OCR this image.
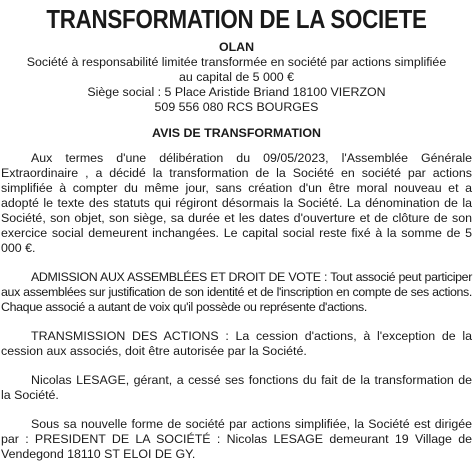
TRANSFORMATION DE LA SOCIETE
OLAN
Société à responsabilité limitée transformée en société par actions simplifiée
au capital de 5 000 €
Siège social : 5 Place Aristide Briand 18100 VIERZON
509 556 080 RCS BOURGES
AVIS DE TRANSFORMATION

Aux termes d'une délibération du 09/05/2023, l'Assemblée Générale Extraordinaire , a décidé la transformation de la Société en société par actions simplifiée à compter du même jour, sans création d'un être moral nouveau et a adopté le texte des statuts qui régiront désormais la Société. La dénomination de la Société, son objet, son siège, sa durée et les dates d'ouverture et de clôture de son exercice social demeurent inchangées. Le capital social reste fixé à la somme de 5 000 €.

ADMISSION AUX ASSEMBLÉES ET DROIT DE VOTE : Tout associé peut participer aux assemblées sur justification de son identité et de l'inscription en compte de ses actions. Chaque associé a autant de voix qu'il possède ou représente d'actions.

TRANSMISSION DES ACTIONS : La cession d'actions, à l'exception de la cession aux associés, doit être autorisée par la Société.

Nicolas LESAGE, gérant, a cessé ses fonctions du fait de la transformation de la Société.

Sous sa nouvelle forme de société par actions simplifiée, la Société est dirigée par : PRESIDENT DE LA SOCIÉTÉ : Nicolas LESAGE demeurant 19 Village de Vendegond 18110 ST ELOI DE GY.
